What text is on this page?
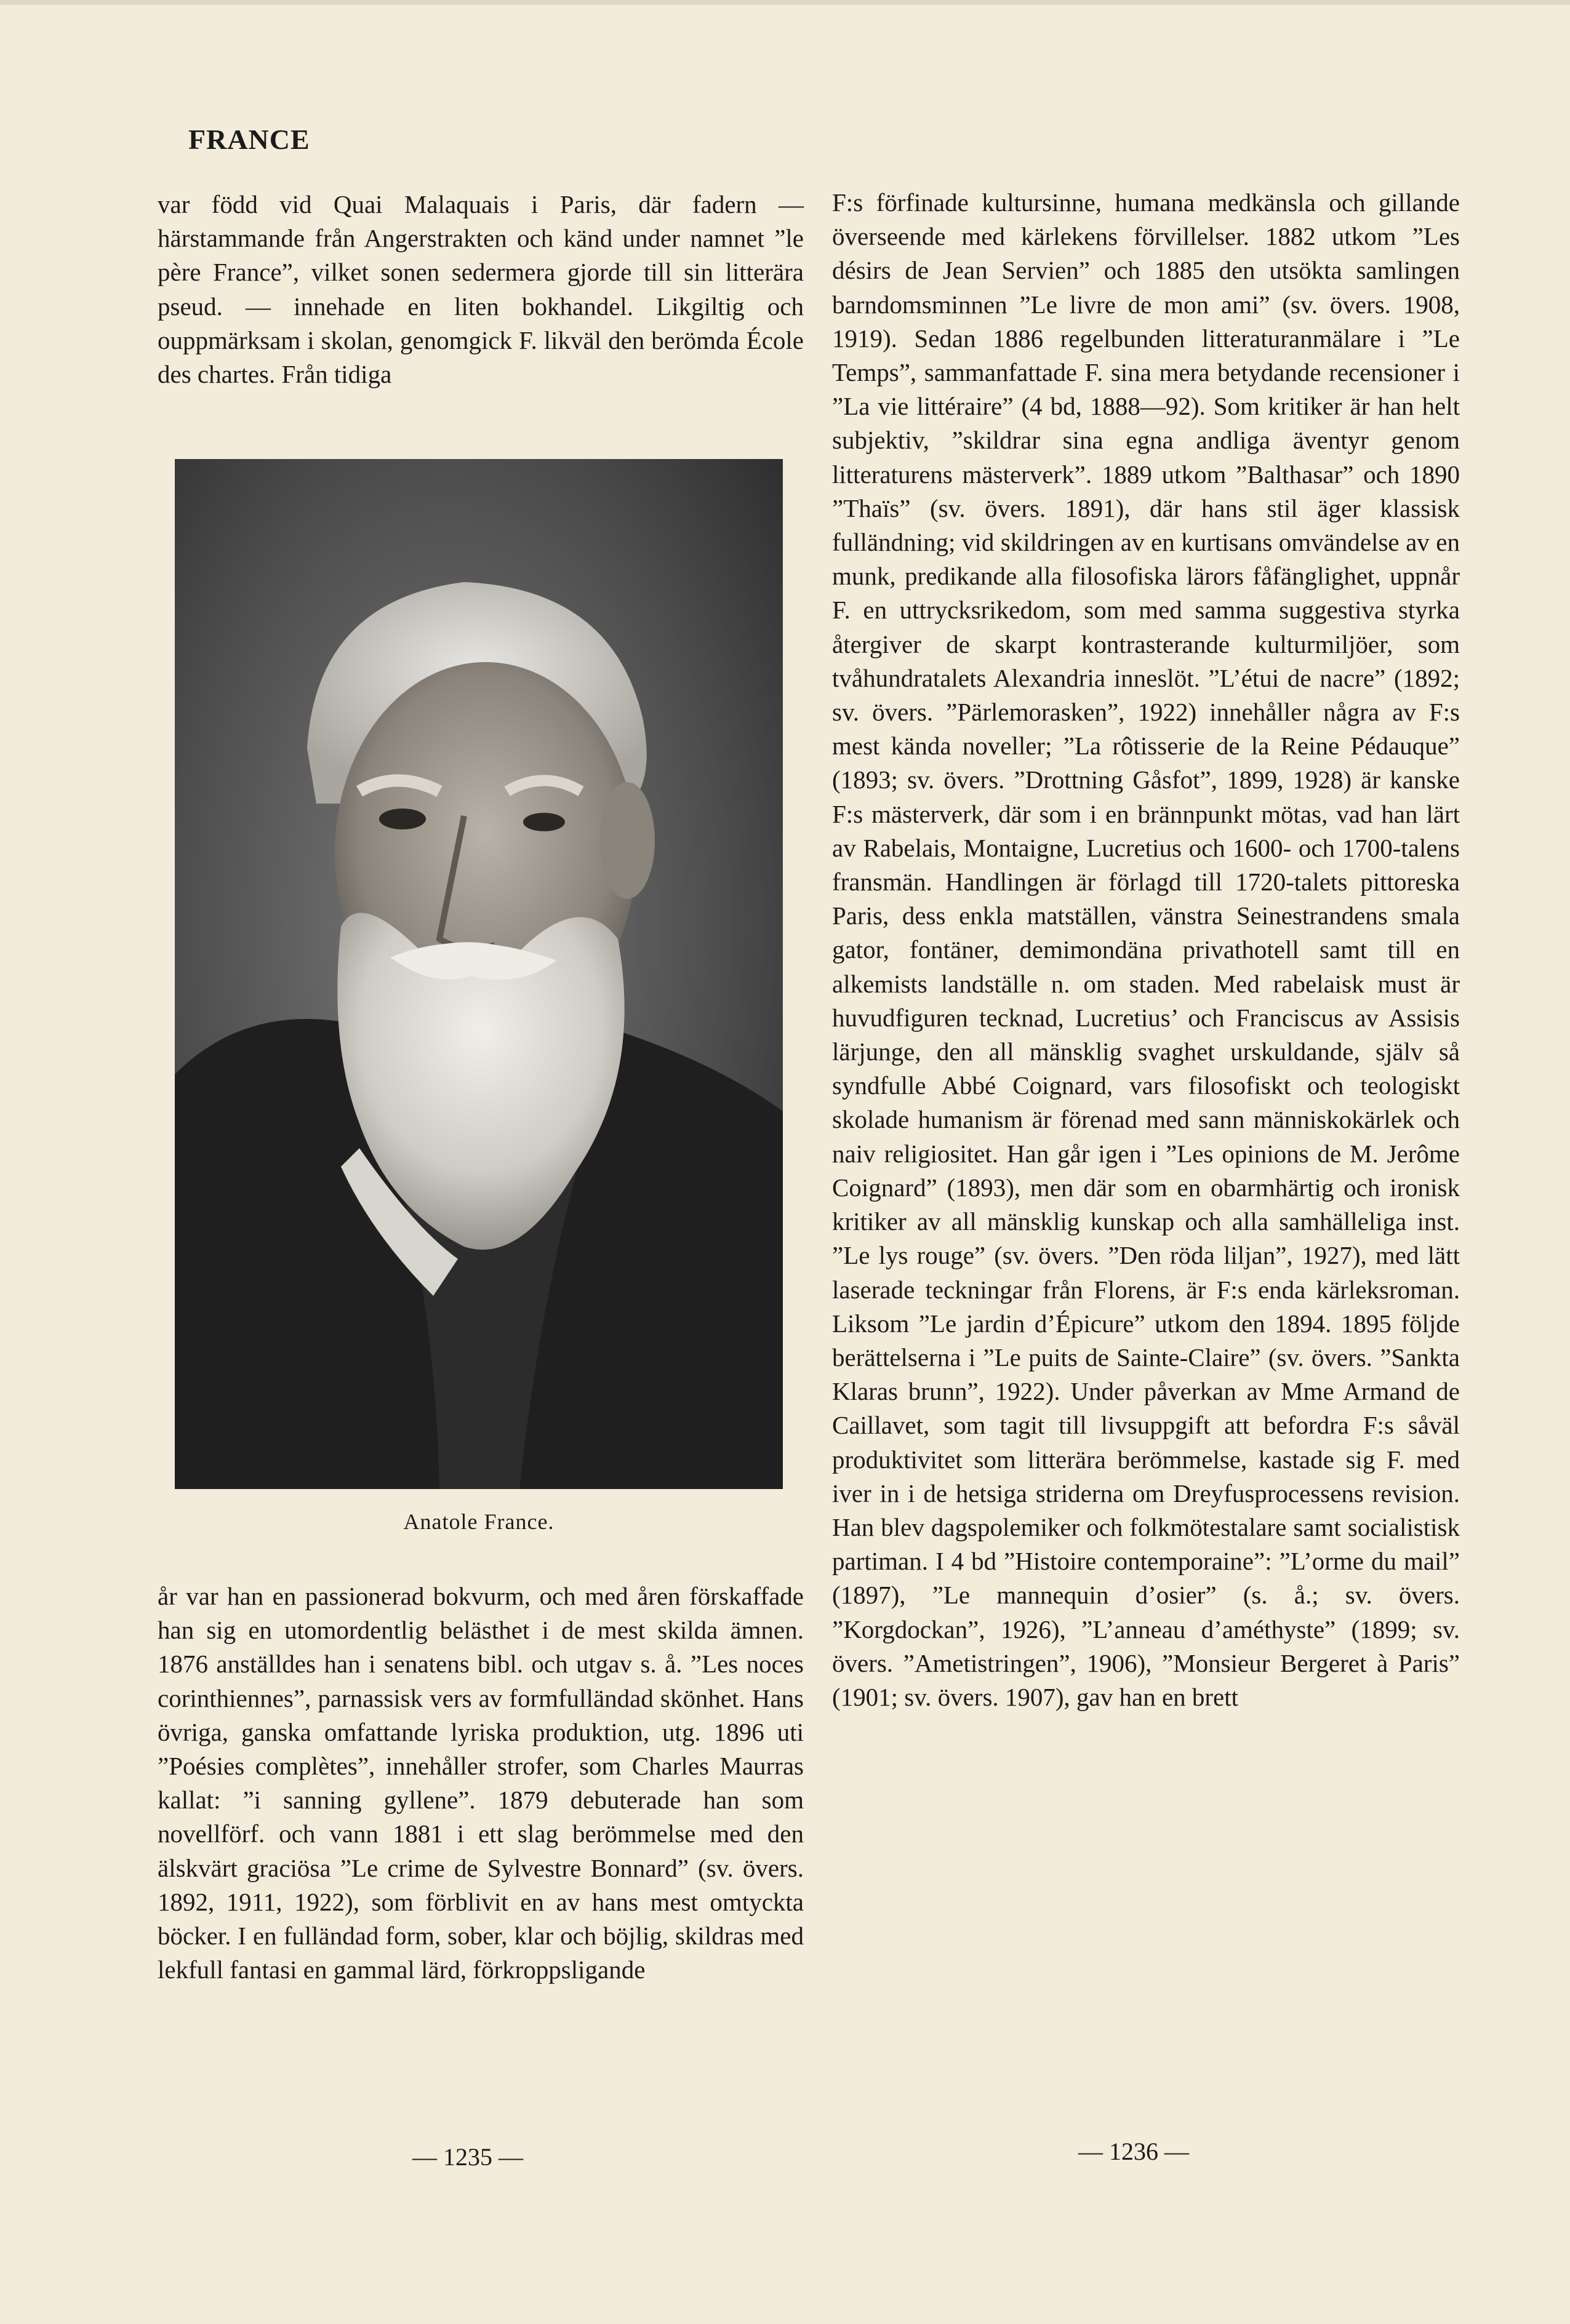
FRANCE

var född vid Quai Malaquais i Paris, där fadern — härstammande från Angerstrakten och känd under namnet ”le père France”, vilket sonen sedermera gjorde till sin litterära pseud. — innehade en liten bokhandel. Likgiltig och ouppmärksam i skolan, genomgick F. likväl den berömda École des chartes. Från tidiga

Anatole France.

år var han en passionerad bokvurm, och med åren förskaffade han sig en utomordentlig belästhet i de mest skilda ämnen. 1876 anställdes han i senatens bibl. och utgav s. å. ”Les noces corinthiennes”, parnassisk vers av formfulländad skönhet. Hans övriga, ganska omfattande lyriska produktion, utg. 1896 uti ”Poésies complètes”, innehåller strofer, som Charles Maurras kallat: ”i sanning gyllene”. 1879 debuterade han som novellförf. och vann 1881 i ett slag berömmelse med den älskvärt graciösa ”Le crime de Sylvestre Bonnard” (sv. övers. 1892, 1911, 1922), som förblivit en av hans mest omtyckta böcker. I en fulländad form, sober, klar och böjlig, skildras med lekfull fantasi en gammal lärd, förkroppsligande

F:s förfinade kultursinne, humana medkänsla och gillande överseende med kärlekens förvillelser. 1882 utkom ”Les désirs de Jean Servien” och 1885 den utsökta samlingen barndomsminnen ”Le livre de mon ami” (sv. övers. 1908, 1919). Sedan 1886 regelbunden litteraturanmälare i ”Le Temps”, sammanfattade F. sina mera betydande recensioner i ”La vie littéraire” (4 bd, 1888—92). Som kritiker är han helt subjektiv, ”skildrar sina egna andliga äventyr genom litteraturens mästerverk”. 1889 utkom ”Balthasar” och 1890 ”Thaïs” (sv. övers. 1891), där hans stil äger klassisk fulländning; vid skildringen av en kurtisans omvändelse av en munk, predikande alla filosofiska lärors fåfänglighet, uppnår F. en uttrycksrikedom, som med samma suggestiva styrka återgiver de skarpt kontrasterande kulturmiljöer, som tvåhundratalets Alexandria inneslöt. ”L’étui de nacre” (1892; sv. övers. ”Pärlemorasken”, 1922) innehåller några av F:s mest kända noveller; ”La rôtisserie de la Reine Pédauque” (1893; sv. övers. ”Drottning Gåsfot”, 1899, 1928) är kanske F:s mästerverk, där som i en brännpunkt mötas, vad han lärt av Rabelais, Montaigne, Lucretius och 1600- och 1700-talens fransmän. Handlingen är förlagd till 1720-talets pittoreska Paris, dess enkla matställen, vänstra Seinestrandens smala gator, fontäner, demimondäna privathotell samt till en alkemists landställe n. om staden. Med rabelaisk must är huvudfiguren tecknad, Lucretius’ och Franciscus av Assisis lärjunge, den all mänsklig svaghet urskuldande, själv så syndfulle Abbé Coignard, vars filosofiskt och teologiskt skolade humanism är förenad med sann människokärlek och naiv religiositet. Han går igen i ”Les opinions de M. Jerôme Coignard” (1893), men där som en obarmhärtig och ironisk kritiker av all mänsklig kunskap och alla samhälleliga inst. ”Le lys rouge” (sv. övers. ”Den röda liljan”, 1927), med lätt laserade teckningar från Florens, är F:s enda kärleksroman. Liksom ”Le jardin d’Épicure” utkom den 1894. 1895 följde berättelserna i ”Le puits de Sainte-Claire” (sv. övers. ”Sankta Klaras brunn”, 1922). Under påverkan av Mme Armand de Caillavet, som tagit till livsuppgift att befordra F:s såväl produktivitet som litterära berömmelse, kastade sig F. med iver in i de hetsiga striderna om Dreyfusprocessens revision. Han blev dagspolemiker och folkmötestalare samt socialistisk partiman. I 4 bd ”Histoire contemporaine”: ”L’orme du mail” (1897), ”Le mannequin d’osier” (s. å.; sv. övers. ”Korgdockan”, 1926), ”L’anneau d’améthyste” (1899; sv. övers. ”Ametistringen”, 1906), ”Monsieur Bergeret à Paris” (1901; sv. övers. 1907), gav han en brett

— 1235 —	— 1236 —
